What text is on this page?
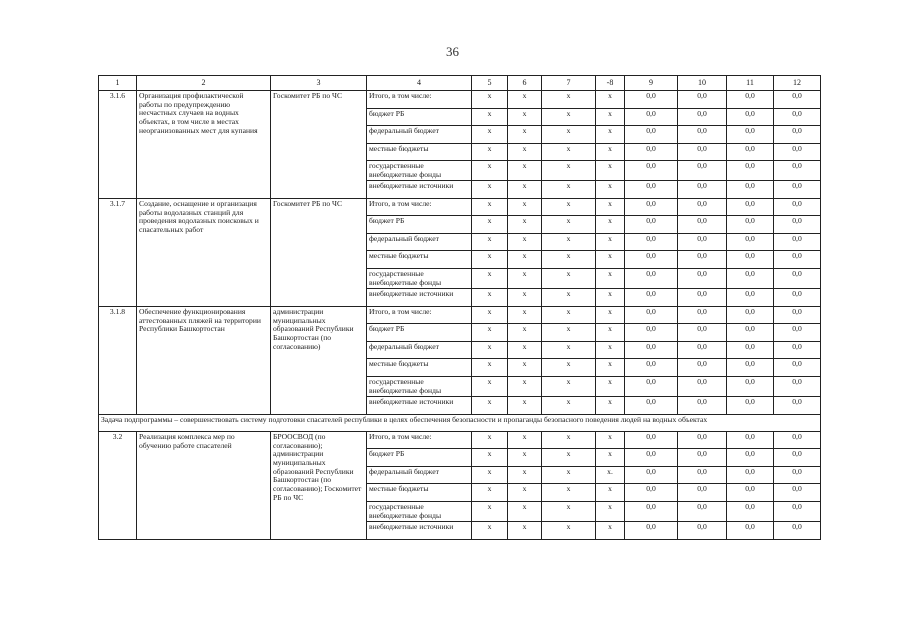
36
1	2	3	4	5	6	7	-8	9	10	11	12
3.1.6	Организация профилактической работы по предупреждению несчастных случаев на водных объектах, в том числе в местах неорганизованных мест для купания	Госкомитет РБ по ЧС	Итого, в том числе:	x	x	x	x	0,0	0,0	0,0	0,0
			бюджет РБ	x	x	x	x	0,0	0,0	0,0	0,0
			федеральный бюджет	x	x	x	x	0,0	0,0	0,0	0,0
			местные бюджеты	x	x	x	x	0,0	0,0	0,0	0,0
			государственные внебюджетные фонды	x	x	x	x	0,0	0,0	0,0	0,0
			внебюджетные источники	x	x	x	x	0,0	0,0	0,0	0,0
3.1.7	Создание, оснащение и организация работы водолазных станций для проведения водолазных поисковых и спасательных работ	Госкомитет РБ по ЧС	Итого, в том числе:	x	x	x	x	0,0	0,0	0,0	0,0
			бюджет РБ	x	x	x	x	0,0	0,0	0,0	0,0
			федеральный бюджет	x	x	x	x	0,0	0,0	0,0	0,0
			местные бюджеты	x	x	x	x	0,0	0,0	0,0	0,0
			государственные внебюджетные фонды	x	x	x	x	0,0	0,0	0,0	0,0
			внебюджетные источники	x	x	x	x	0,0	0,0	0,0	0,0
3.1.8	Обеспечение функционирования аттестованных пляжей на территории Республики Башкортостан	администрации муниципальных образований Республики Башкортостан (по согласованию)	Итого, в том числе:	x	x	x	x	0,0	0,0	0,0	0,0
			бюджет РБ	x	x	x	x	0,0	0,0	0,0	0,0
			федеральный бюджет	x	x	x	x	0,0	0,0	0,0	0,0
			местные бюджеты	x	x	x	x	0,0	0,0	0,0	0,0
			государственные внебюджетные фонды	x	x	x	x	0,0	0,0	0,0	0,0
			внебюджетные источники	x	x	x	x	0,0	0,0	0,0	0,0
Задача подпрограммы – совершенствовать систему подготовки спасателей республики в целях обеспечения безопасности и пропаганды безопасного поведения людей на водных объектах											
3.2	Реализация комплекса мер по обучению работе спасателей	БРООСВОД (по согласованию); администрации муниципальных образований Республики Башкортостан (по согласованию); Госкомитет РБ по ЧС	Итого, в том числе:	x	x	x	x	0,0	0,0	0,0	0,0
			бюджет РБ	x	x	x	x	0,0	0,0	0,0	0,0
			федеральный бюджет	x	x	x	x.	0,0	0,0	0,0	0,0
			местные бюджеты	x	x	x	x	0,0	0,0	0,0	0,0
			государственные внебюджетные фонды	x	x	x	x	0,0	0,0	0,0	0,0
			внебюджетные источники	x	x	x	x	0,0	0,0	0,0	0,0
